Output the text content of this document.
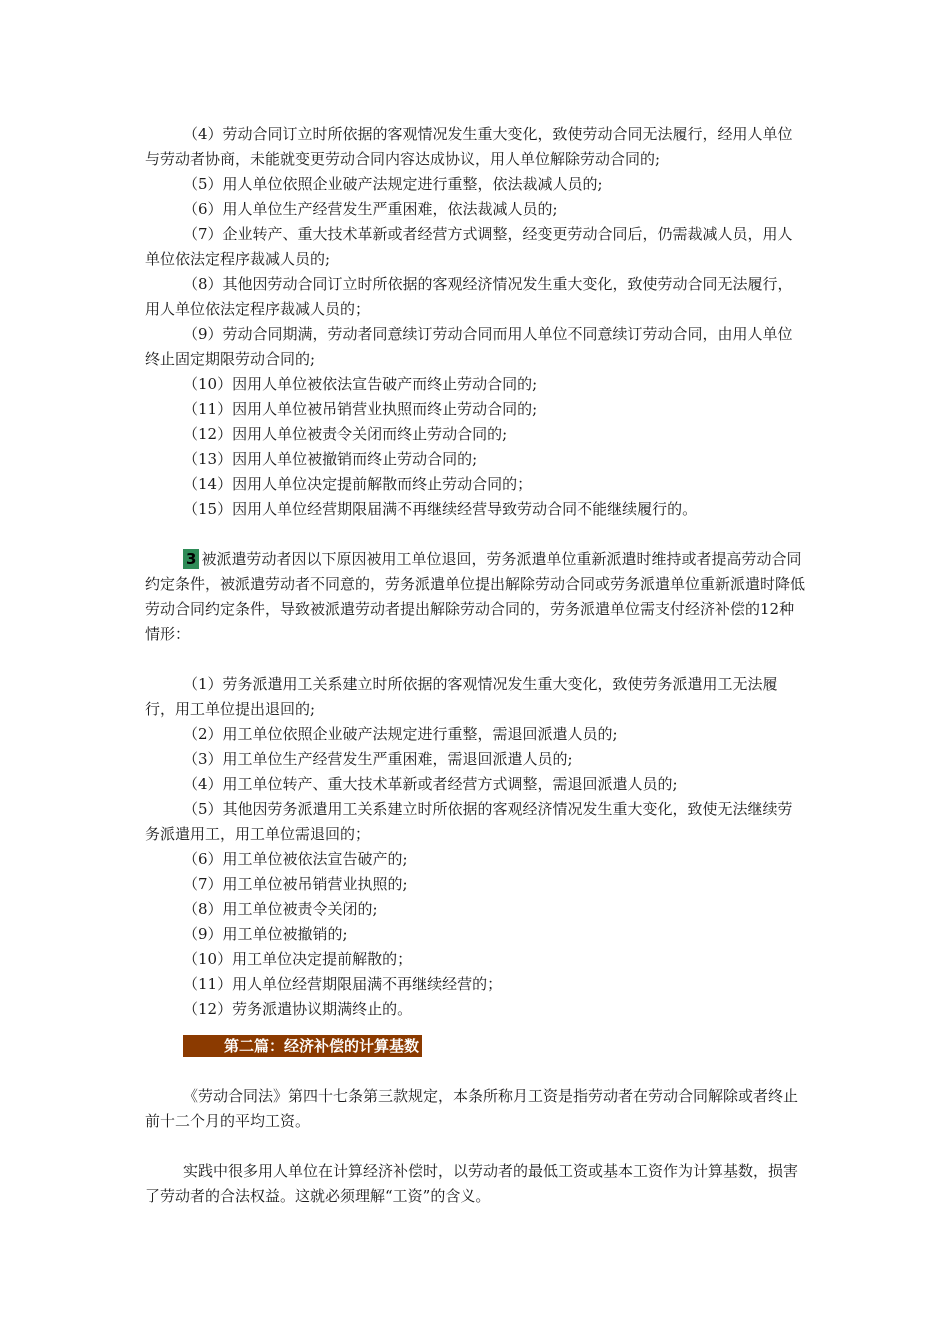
（4）劳动合同订立时所依据的客观情况发生重大变化，致使劳动合同无法履行，经用人单位与劳动者协商，未能就变更劳动合同内容达成协议，用人单位解除劳动合同的;
（5）用人单位依照企业破产法规定进行重整，依法裁减人员的;
（6）用人单位生产经营发生严重困难，依法裁减人员的;
（7）企业转产、重大技术革新或者经营方式调整，经变更劳动合同后，仍需裁减人员，用人单位依法定程序裁减人员的;
（8）其他因劳动合同订立时所依据的客观经济情况发生重大变化，致使劳动合同无法履行，用人单位依法定程序裁减人员的；
（9）劳动合同期满，劳动者同意续订劳动合同而用人单位不同意续订劳动合同，由用人单位终止固定期限劳动合同的;
（10）因用人单位被依法宣告破产而终止劳动合同的;
（11）因用人单位被吊销营业执照而终止劳动合同的;
（12）因用人单位被责令关闭而终止劳动合同的;
（13）因用人单位被撤销而终止劳动合同的;
（14）因用人单位决定提前解散而终止劳动合同的；
（15）因用人单位经营期限届满不再继续经营导致劳动合同不能继续履行的。

3 被派遣劳动者因以下原因被用工单位退回，劳务派遣单位重新派遣时维持或者提高劳动合同约定条件，被派遣劳动者不同意的，劳务派遣单位提出解除劳动合同或劳务派遣单位重新派遣时降低劳动合同约定条件，导致被派遣劳动者提出解除劳动合同的，劳务派遣单位需支付经济补偿的12种情形：

（1）劳务派遣用工关系建立时所依据的客观情况发生重大变化，致使劳务派遣用工无法履行，用工单位提出退回的;
（2）用工单位依照企业破产法规定进行重整，需退回派遣人员的;
（3）用工单位生产经营发生严重困难，需退回派遣人员的;
（4）用工单位转产、重大技术革新或者经营方式调整，需退回派遣人员的;
（5）其他因劳务派遣用工关系建立时所依据的客观经济情况发生重大变化，致使无法继续劳务派遣用工，用工单位需退回的；
（6）用工单位被依法宣告破产的;
（7）用工单位被吊销营业执照的;
（8）用工单位被责令关闭的;
（9）用工单位被撤销的;
（10）用工单位决定提前解散的；
（11）用人单位经营期限届满不再继续经营的；
（12）劳务派遣协议期满终止的。

第二篇：经济补偿的计算基数

《劳动合同法》第四十七条第三款规定，本条所称月工资是指劳动者在劳动合同解除或者终止前十二个月的平均工资。

实践中很多用人单位在计算经济补偿时，以劳动者的最低工资或基本工资作为计算基数，损害了劳动者的合法权益。这就必须理解“工资”的含义。
